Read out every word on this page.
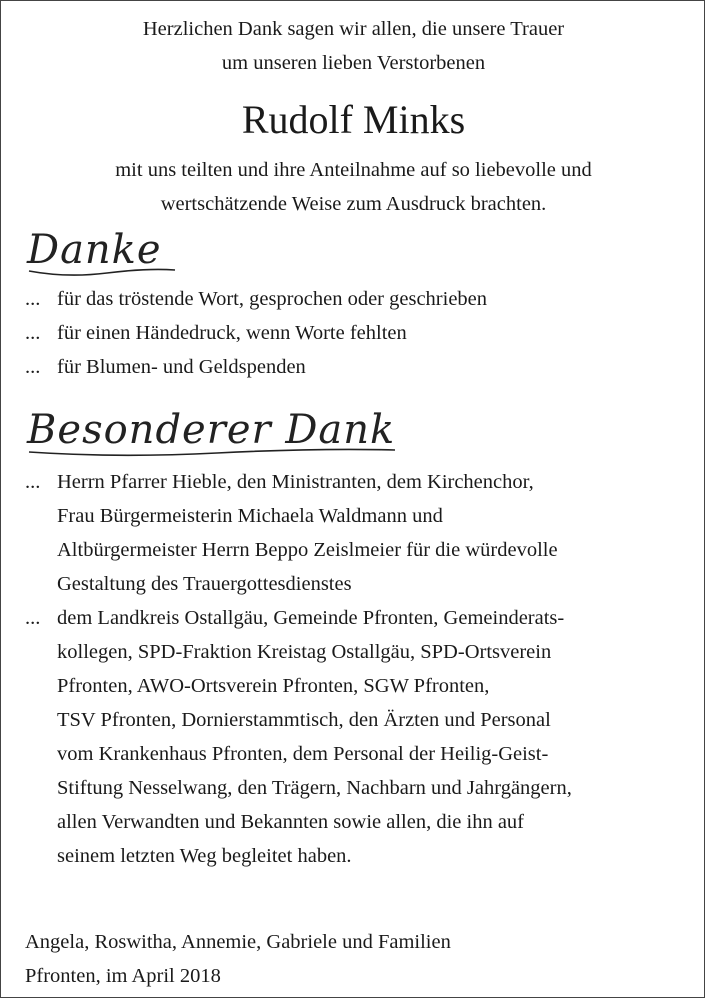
Herzlichen Dank sagen wir allen, die unsere Trauer
um unseren lieben Verstorbenen
Rudolf Minks
mit uns teilten und ihre Anteilnahme auf so liebevolle und
wertschätzende Weise zum Ausdruck brachten.
Danke
... für das tröstende Wort, gesprochen oder geschrieben
... für einen Händedruck, wenn Worte fehlten
... für Blumen- und Geldspenden
Besonderer Dank
... Herrn Pfarrer Hieble, den Ministranten, dem Kirchenchor,
Frau Bürgermeisterin Michaela Waldmann und
Altbürgermeister Herrn Beppo Zeislmeier für die würdevolle
Gestaltung des Trauergottesdienstes
... dem Landkreis Ostallgäu, Gemeinde Pfronten, Gemeinderats-
kollegen, SPD-Fraktion Kreistag Ostallgäu, SPD-Ortsverein
Pfronten, AWO-Ortsverein Pfronten, SGW Pfronten,
TSV Pfronten, Dornierstammtisch, den Ärzten und Personal
vom Krankenhaus Pfronten, dem Personal der Heilig-Geist-
Stiftung Nesselwang, den Trägern, Nachbarn und Jahrgängern,
allen Verwandten und Bekannten sowie allen, die ihn auf
seinem letzten Weg begleitet haben.
Angela, Roswitha, Annemie, Gabriele und Familien
Pfronten, im April 2018
